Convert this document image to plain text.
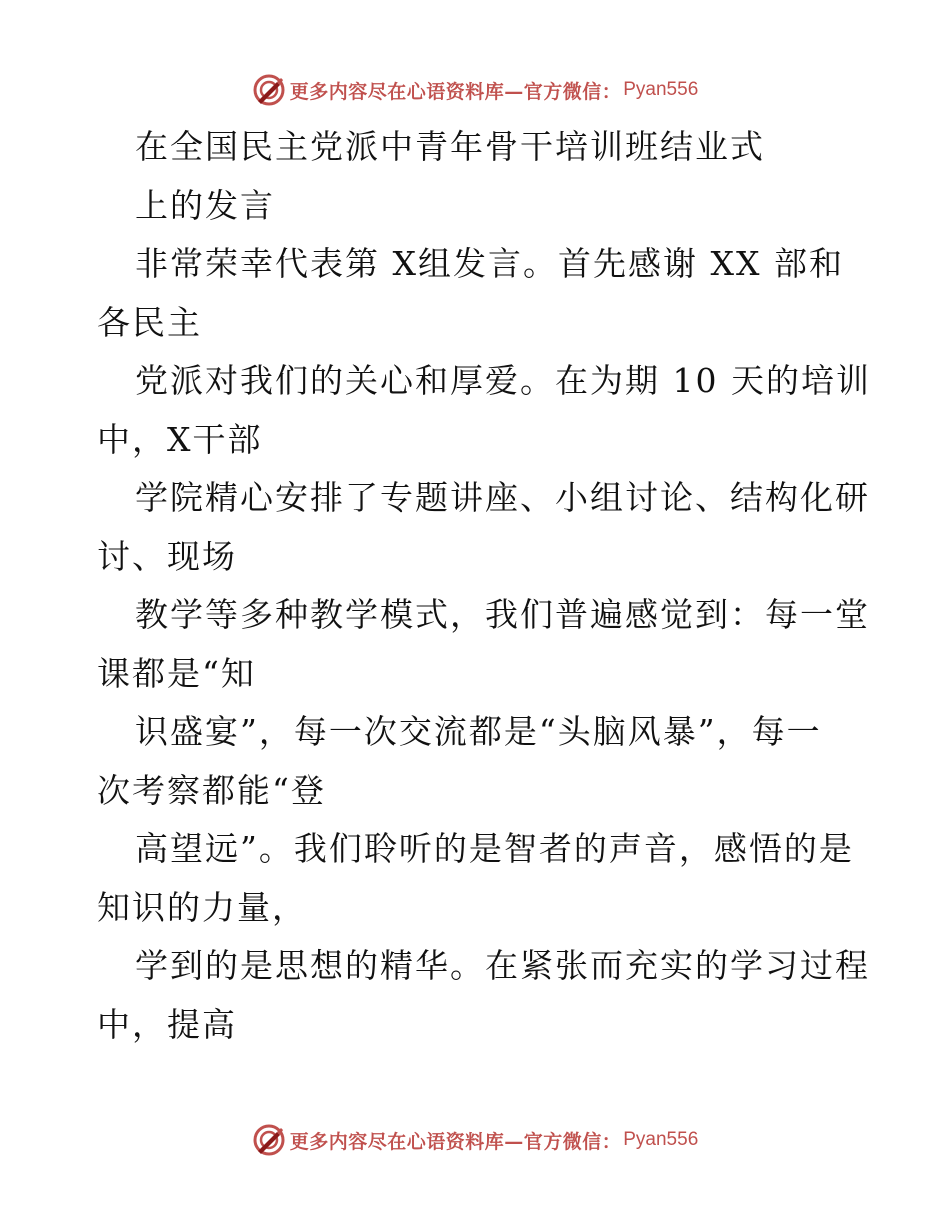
更多内容尽在心语资料库—官方微信： Pyan556

在全国民主党派中青年骨干培训班结业式

上的发言

非常荣幸代表第 X组发言。首先感谢 XX 部和

各民主

党派对我们的关心和厚爱。在为期 10 天的培训

中，X干部

学院精心安排了专题讲座、小组讨论、结构化研

讨、现场

教学等多种教学模式，我们普遍感觉到：每一堂

课都是“知

识盛宴”，每一次交流都是“头脑风暴”，每一

次考察都能“登

高望远”。我们聆听的是智者的声音，感悟的是

知识的力量，

学到的是思想的精华。在紧张而充实的学习过程

中，提高

更多内容尽在心语资料库—官方微信： Pyan556
